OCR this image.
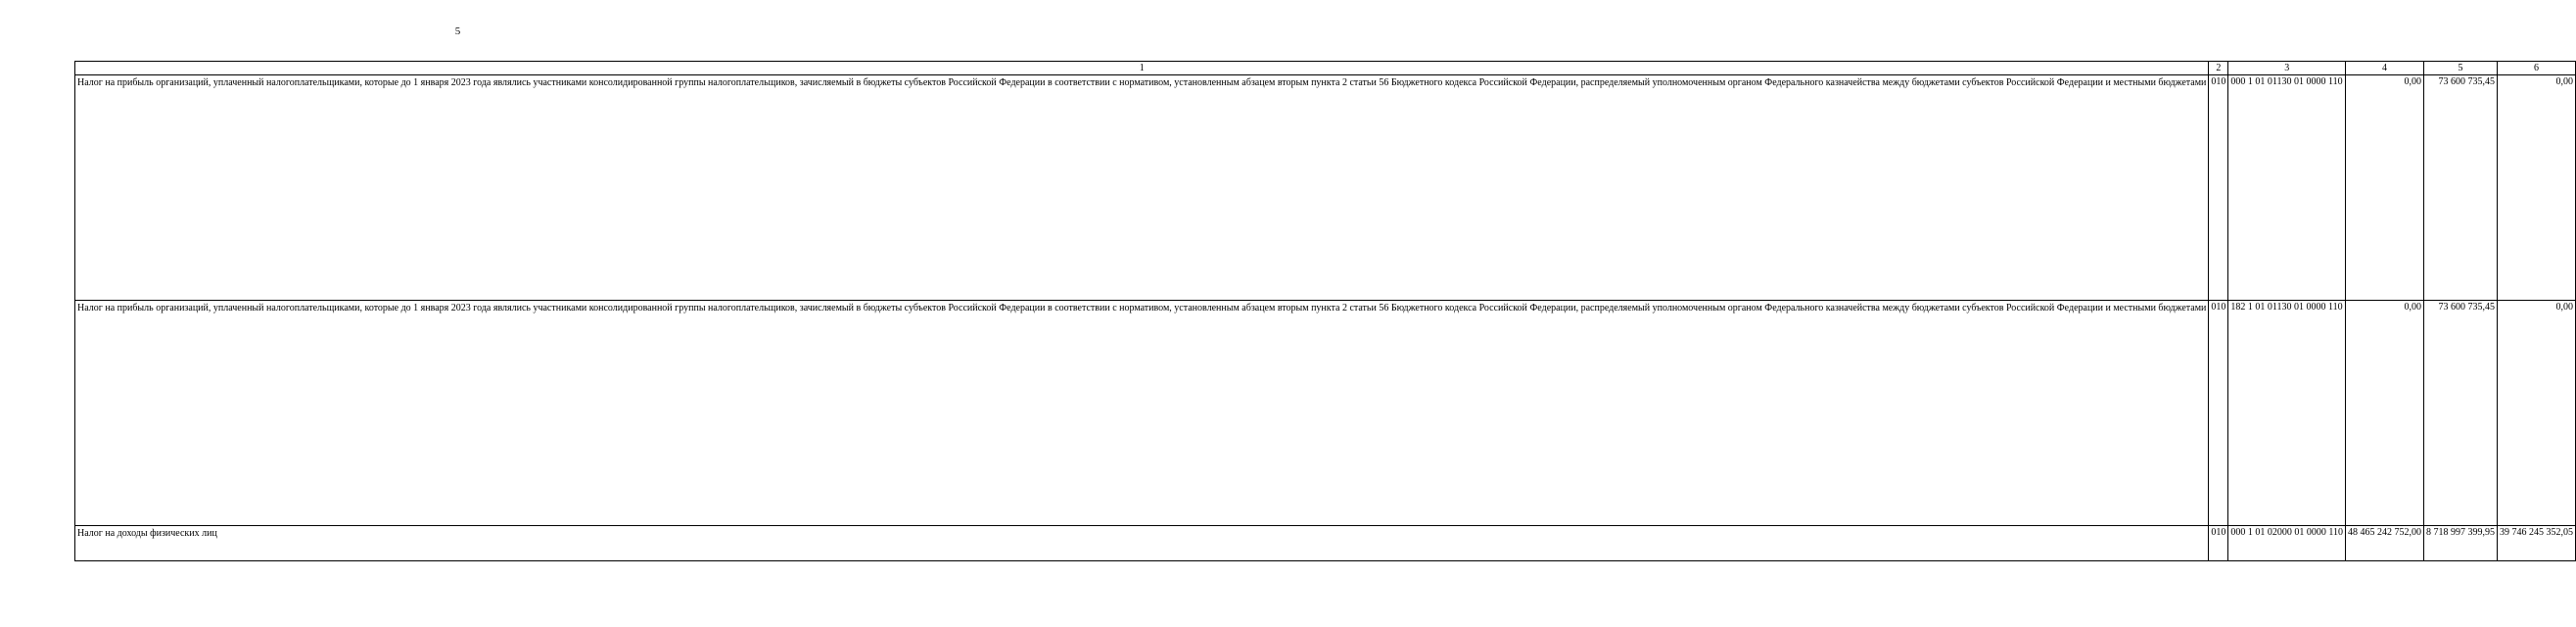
5
1	2	3	4	5	6
Налог на прибыль организаций, уплаченный налогоплательщиками, которые до 1 января 2023 года являлись участниками консолидированной группы налогоплательщиков, зачисляемый в бюджеты субъектов Российской Федерации в соответствии с нормативом, установленным абзацем вторым пункта 2 статьи 56 Бюджетного кодекса Российской Федерации, распределяемый уполномоченным органом Федерального казначейства между бюджетами субъектов Российской Федерации и местными бюджетами	010	000 1 01 01130 01 0000 110	0,00	73 600 735,45	0,00
Налог на прибыль организаций, уплаченный налогоплательщиками, которые до 1 января 2023 года являлись участниками консолидированной группы налогоплательщиков, зачисляемый в бюджеты субъектов Российской Федерации в соответствии с нормативом, установленным абзацем вторым пункта 2 статьи 56 Бюджетного кодекса Российской Федерации, распределяемый уполномоченным органом Федерального казначейства между бюджетами субъектов Российской Федерации и местными бюджетами	010	182 1 01 01130 01 0000 110	0,00	73 600 735,45	0,00
Налог на доходы физических лиц	010	000 1 01 02000 01 0000 110	48 465 242 752,00	8 718 997 399,95	39 746 245 352,05
